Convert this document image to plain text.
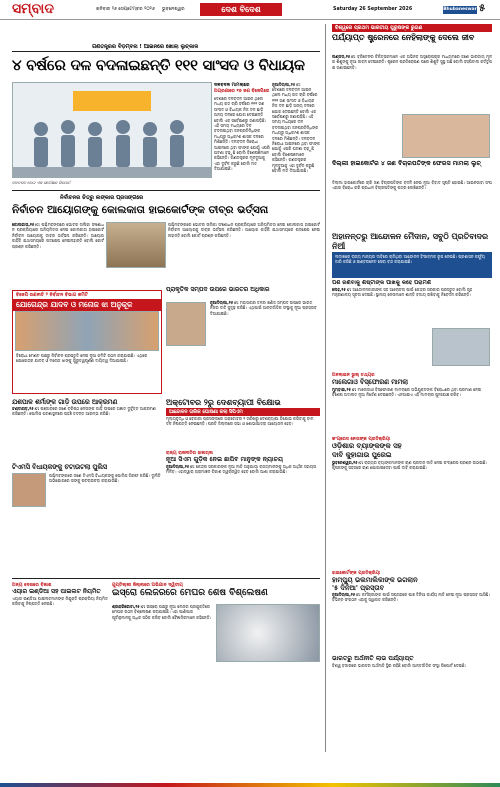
ସମ୍ବାଦ	ଶନିବାର ୨୬ ସେପ୍ଟେମ୍ବର ୨୦୨୬ ଭୁବନେଶ୍ୱର	ଦେଶ ବିଦେଶ	Saturday 26 September 2026	Bhubaneswar ୫
ଗଣତନ୍ତ୍ରର ବିଡ଼ମ୍ବନା ! ଆଇନରେ ଖୋଲା ଲୁଚ୍‌କାଳ
୪ ବର୍ଷରେ ଦଳ ବଦଳାଇଛନ୍ତି ୧୧୧ ସାଂସଦ ଓ ବିଧାୟକ
ଦଳବଦଳ ନେଇ ଏକ ସର୍ବେକ୍ଷଣ ରିପୋର୍ଟ
ଦଳବଦଳ ମାମଲାରେ
ଅଗ୍ରଣୀରେ ୧୭ ଜଣ ବିଜେପିରେ
ଦେଶରେ ଦଳବଦଳ ଆଇନ ଥିଲେ ମଧ୍ୟ ଗତ ଚାରି ବର୍ଷରେ ୧୧୧ ଜଣ ସାଂସଦ ଓ ବିଧାୟକ ନିଜ ଦଳ ଛାଡ଼ି ଅନ୍ୟ ଦଳରେ ଯୋଗ ଦେଇଛନ୍ତି ବୋଲି ଏକ ସର୍ବେକ୍ଷଣରୁ ଜଣାପଡ଼ିଛି। ଏହି ସମୟ ମଧ୍ୟରେ ଦଳ ବଦଳାଇଥିବା ଜନପ୍ରତିନିଧିଙ୍କ ମଧ୍ୟରୁ ଅଧିକାଂଶ ଶାସକ ଦଳରେ ମିଶିଛନ୍ତି। ଦଳବଦଳ ନିରୋଧୀ ଆଇନରେ ଥିବା ଫାଙ୍କ ଯୋଗୁଁ ଏପରି ଘଟଣା ବଢ଼ୁଛି ବୋଲି ବିଶେଷଜ୍ଞମାନେ କହିଛନ୍ତି। ଗଣତନ୍ତ୍ରର ମୂଳଦୁଆକୁ ଏହା ଦୁର୍ବଳ କରୁଛି ବୋଲି ମତ ଦିଆଯାଇଛି।
ନୂଆଦିଲ୍ଲୀ,୨୫।୯:
ଦେଶରେ ଦଳବଦଳ ଆଇନ ଥିଲେ ମଧ୍ୟ ଗତ ଚାରି ବର୍ଷରେ ୧୧୧ ଜଣ ସାଂସଦ ଓ ବିଧାୟକ ନିଜ ଦଳ ଛାଡ଼ି ଅନ୍ୟ ଦଳରେ ଯୋଗ ଦେଇଛନ୍ତି ବୋଲି ଏକ ସର୍ବେକ୍ଷଣରୁ ଜଣାପଡ଼ିଛି। ଏହି ସମୟ ମଧ୍ୟରେ ଦଳ ବଦଳାଇଥିବା ଜନପ୍ରତିନିଧିଙ୍କ ମଧ୍ୟରୁ ଅଧିକାଂଶ ଶାସକ ଦଳରେ ମିଶିଛନ୍ତି। ଦଳବଦଳ ନିରୋଧୀ ଆଇନରେ ଥିବା ଫାଙ୍କ ଯୋଗୁଁ ଏପରି ଘଟଣା ବଢ଼ୁଛି ବୋଲି ବିଶେଷଜ୍ଞମାନେ କହିଛନ୍ତି। ଗଣତନ୍ତ୍ରର ମୂଳଦୁଆକୁ ଏହା ଦୁର୍ବଳ କରୁଛି ବୋଲି ମତ ଦିଆଯାଇଛି।
ବିଶ୍ୱରେ ପ୍ରଥମ ଭାରତୀୟ ପୁରୁଷଙ୍କ ରୁଗଣ
ପର୍ଯ୍ୟାପ୍ତ ଷ୍ଟ୍ରେନରେ ନେହିଲାଙ୍କୁ ଦେଲେ ଜୀବ
ଲଣ୍ଡନ,୨୫।୯: ବ୍ରିଟେନର ଚିକିତ୍ସକମାନେ ଏକ ଅଭିନବ ଅସ୍ତ୍ରୋପଚାର ମାଧ୍ୟମରେ ଜଣେ ଭାରତୀୟ ମୂଳର ଶିଶୁଙ୍କୁ ନୂଆ ଜୀବନ ଦେଇଛନ୍ତି। ଷ୍ଟ୍ରେନ ପ୍ରତିରୋପଣ ପରେ ଶିଶୁଟି ସୁସ୍ଥ ଅଛି ବୋଲି ହସ୍ପିଟାଲ କର୍ତ୍ତୃପକ୍ଷ ଜଣାଇଛନ୍ତି।
ଦିଲ୍ଲୀ ହାଇକୋର୍ଟର ୪ ଜଣ ବିଚାରପତିଙ୍କ ଫେରସ ମାମଲା ଲୁଚ୍‌
ଦିଲ୍ଲୀ ହାଇକୋର୍ଟରେ ଚାରି ଜଣ ବିଚାରପତିଙ୍କ ବଦଳି ନେଇ ନୂଆ ବିବାଦ ସୃଷ୍ଟି ହୋଇଛି। ଆଇନଜୀବୀ ସଂଘ ଏହାର ବିରୋଧ କରି ପ୍ରଧାନ ବିଚାରପତିଙ୍କୁ ପତ୍ର ଲେଖିଛନ୍ତି।
ନିର୍ବାଚନର ଚିତ୍ରୁ ଲଙ୍କାର ପ୍ରସଙ୍ଗରେ
ନିର୍ବାଚନ ଆୟୋଗଙ୍କୁ କୋଲକାତା ହାଇକୋର୍ଟଙ୍କ ତୀବ୍ର ଭର୍ତ୍ସନା
କୋଲକାତା,୨୫।୯: ପଶ୍ଚିମବଙ୍ଗରେ ଭୋଟର ତାଲିକା ସଂଶୋଧନ ପ୍ରକ୍ରିୟାରେ ଅନିୟମିତତା ନେଇ କୋଲକାତା ହାଇକୋର୍ଟ ନିର୍ବାଚନ ଆୟୋଗକୁ ତୀବ୍ର ଭର୍ତ୍ସନା କରିଛନ୍ତି। ଆୟୋଗ କାହିଁକି ଯଥାସମୟରେ ପଦକ୍ଷେପ ନେଇନାହାନ୍ତି ବୋଲି କୋର୍ଟ ପ୍ରଶ୍ନ କରିଛନ୍ତି।
ପଶ୍ଚିମବଙ୍ଗରେ ଭୋଟର ତାଲିକା ସଂଶୋଧନ ପ୍ରକ୍ରିୟାରେ ଅନିୟମିତତା ନେଇ କୋଲକାତା ହାଇକୋର୍ଟ ନିର୍ବାଚନ ଆୟୋଗକୁ ତୀବ୍ର ଭର୍ତ୍ସନା କରିଛନ୍ତି। ଆୟୋଗ କାହିଁକି ଯଥାସମୟରେ ପଦକ୍ଷେପ ନେଇନାହାନ୍ତି ବୋଲି କୋର୍ଟ ପ୍ରଶ୍ନ କରିଛନ୍ତି।
ବିଜେପି ରଣନୀତି ୨ ନିର୍ବାଚନ ବିଭାଗ କମିଟି
ଯୋଗେନ୍ଦ୍ର ଯାଦବ ଓ ମନୋଜ ଝା ଅନୁକୂଳ
ବିରୋଧୀ ମେଣ୍ଟ ପକ୍ଷରୁ ନିର୍ବାଚନ ପ୍ରସ୍ତୁତି ନେଇ ନୂଆ କମିଟି ଗଠନ କରାଯାଇଛି। ଏଥିରେ ଯୋଗେନ୍ଦ୍ର ଯାଦବ ଓ ମନୋଜ ଝାଙ୍କୁ ଗୁରୁତ୍ୱପୂର୍ଣ୍ଣ ଦାୟିତ୍ୱ ଦିଆଯାଇଛି।
ପ୍ରାକୃତିକ ସମ୍ପଦ ଉପରେ ଭାରତର ଅଧିକାର
ନୂଆଦିଲ୍ଲୀ,୨୫।୯: ମହାସାଗର ତଳର ଖଣିଜ ସମ୍ପଦ ଉପରେ ଭାରତ ନିଜର ଦାବି ସୁଦୃଢ଼ କରିଛି। ଏଥିପାଇଁ ଆନ୍ତର୍ଜାତିକ ସଂସ୍ଥାକୁ ନୂଆ ପ୍ରସ୍ତାବ ଦିଆଯାଇଛି।
ଅହାନନ୍ତରୁ ଆନ୍ଦୋଳନ ମୈଦାନ, ସବୁଠି ପ୍ରତିବାଦର ନିଆଁ
ଲଦାଖରେ ରାଜ୍ୟ ମାନ୍ୟତା ଦାବିରେ ଚାଲିଥିବା ଆନ୍ଦୋଳନ ହିଂସାତ୍ମକ ରୂପ ନେଇଛି। ପ୍ରଶାସନ କର୍ଫ୍ୟୁ ଜାରି କରିଛି ଓ ଇଣ୍ଟରନେଟ ସେବା ବନ୍ଦ କରାଯାଇଛି।
ପଶ ରଣିବାକୁ ଶିଷ୍ଟାଙ୍କ ପାଖକୁ କହେ ପରାମର୍ଶ
ଲେହ,୨୫।୯: ଆନ୍ଦୋଳନକାରୀଙ୍କ ସହ ଆଲୋଚନା ପାଇଁ କେନ୍ଦ୍ର ସରକାର ପ୍ରସ୍ତୁତ ବୋଲି ଗୃହ ମନ୍ତ୍ରଣାଳୟ ସୂଚନା ଦେଇଛି। ସ୍ଥାନୀୟ ନେତାମାନେ ଶାନ୍ତି ବଜାୟ ରଖିବାକୁ ନିବେଦନ କରିଛନ୍ତି।
ଅନଲାଇନ ଭୁଲ୍‌ ତଥ୍ୟର
ମାଲେଗାଓ ବିସ୍ଫୋରଣ ମାମଲା
ମୁମ୍ବାଇ,୨୫।୯: ମାଲେଗାଓ ବିସ୍ଫୋରଣ ମାମଲାରେ ଅଭିଯୁକ୍ତଙ୍କ ବିରୋଧରେ ଥିବା ପ୍ରମାଣ ନେଇ ବିଶେଷ ଅଦାଲତ ନୂଆ ନିର୍ଦ୍ଦେଶ ଦେଇଛନ୍ତି। ଏନଆଇଏ ଏହି ମାମଲାର ପୁନଃଯାଞ୍ଚ କରିବ।
ଅକ୍ଟୋବର ୨ରୁ ଦେଶବ୍ୟାପୀ ବିକ୍ଷୋଭ
ଆନ୍ଦୋଳନ ତାଲିକ ଘୋଷଣା କଲା ସିପିଏମ
ମୂଲ୍ୟବୃଦ୍ଧି ଓ ବେକାରୀ ପ୍ରସଙ୍ଗରେ ଅକ୍ଟୋବର ୨ ତାରିଖରୁ ଦେଶବ୍ୟାପୀ ବିକ୍ଷୋଭ କରିବାକୁ ବାମ ଦଳ ନିଷ୍ପତ୍ତି ନେଇଛନ୍ତି। ପ୍ରତି ଜିଲ୍ଲାରେ ସଭା ଓ ଶୋଭାଯାତ୍ରା ଆୟୋଜନ ହେବ।
ଯଶପାଳ ଶର୍ମାଙ୍କ ଗାଡ଼ି ଉପରେ ଆକ୍ରମଣ
ଚଣ୍ଡୀଗଡ଼,୨୫।୯: ପଞ୍ଜାବରେ ଜଣେ ବରିଷ୍ଠ ନେତାଙ୍କ ଗାଡ଼ି ଉପରେ ଅଜ୍ଞାତ ଦୁର୍ବୃତ୍ତ ଆକ୍ରମଣ କରିଛନ୍ତି। ପୋଲିସ ଘଟଣାସ୍ଥଳରେ ପହଞ୍ଚି ତଦନ୍ତ ଆରମ୍ଭ କରିଛି।
ଟିଏମସି ବିଧାୟକଙ୍କୁ ଚଟାଉଟଲା ପୁଲିସ
ପଶ୍ଚିମବଙ୍ଗରେ ଜଣେ ଟିଏମସି ବିଧାୟକଙ୍କୁ ପୋଲିସ ଗିରଫ କରିଛି। ଦୁର୍ନୀତି ଅଭିଯୋଗରେ ତାଙ୍କୁ ପଚରାଉଚରା କରାଯାଉଛି।
ରାଜ୍ୟ ରାଜନୀତିର ହାଲଚାଲ
ନୂଆ ସିଏମ ଗୁଡ଼ିକ ନେଇ ଛାପିବ ମାନୁଙ୍କ ନ୍ୟାଚୟ
ନୂଆଦିଲ୍ଲୀ,୨୫।୯: କେନ୍ଦ୍ର ସରକାରଙ୍କ ନୂଆ ନୀତି ଅନୁଯାୟୀ ରାଜ୍ୟମାନଙ୍କୁ ଅଧିକ ଆର୍ଥିକ ସହାୟତା ମିଳିବ। ଏହାଦ୍ୱାରା ଗ୍ରାମାଞ୍ଚଳ ବିକାଶ ତ୍ୱରାନ୍ୱିତ ହେବ ବୋଲି ଆଶା କରାଯାଉଛି।
କଂଗ୍ରେସ ନେତାଙ୍କ ପ୍ରତିକ୍ରିୟା
ଓଡ଼ିଶାର ବ୍ୟାଙ୍କଙ୍କ ସହ
ଦାବି କୁହାଗାଉ ପୁରେଇ
ଭୁବନେଶ୍ୱର,୨୫।୯: ରାଜ୍ୟର ବ୍ୟାଙ୍କମାନଙ୍କ ଋଣ ପ୍ରଦାନ ନୀତି ନେଇ କଂଗ୍ରେସ ପ୍ରଶ୍ନ ଉଠାଇଛି। କୃଷକଙ୍କୁ ସହଜରେ ଋଣ ଯୋଗାଇଦେବା ପାଇଁ ଦାବି କରାଯାଇଛି।
ହାଇକୋର୍ଟଙ୍କ ପ୍ରତିକ୍ରିୟା
ହାମ୍ପ୍ୟୁ ଭଲମାଲିକାଙ୍କ ଭଗଲାନ
'୫ ଦିନିଆ' ପ୍ରସ୍ତାବ
ନୂଆଦିଲ୍ଲୀ,୨୫।୯: କର୍ମଚାରୀଙ୍କ ପାଇଁ ସପ୍ତାହରେ ପାଞ୍ଚ ଦିନିଆ କାର୍ଯ୍ୟ ନୀତି ନେଇ ନୂଆ ପ୍ରସ୍ତାବ ଆସିଛି। ବିଭିନ୍ନ ସଂଗଠନ ଏହାକୁ ସ୍ୱାଗତ କରିଛନ୍ତି।
ଭାରତରୁ ଅର୍ଥନୀତି ଲାଭ ପର୍ଯ୍ୟାପ୍ତ
ବିଶ୍ୱ ବଜାରରେ ଭାରତର ଅର୍ଥନୀତି ସ୍ଥିର ରହିଛି ବୋଲି ଆନ୍ତର୍ଜାତିକ ସଂସ୍ଥା ରିପୋର୍ଟ ଦେଇଛି।
ଅନ୍ୟ ଦେଶରେ ବିକାଶ
ଏୟାର ଇଣ୍ଡିଆ ସହ ପାଇଲଟ ନିୟମିତ
ଏୟାର ଇଣ୍ଡିଆ ପାଇଲଟମାନଙ୍କ ନିଯୁକ୍ତି ପ୍ରକ୍ରିୟା ନିୟମିତ କରିବାକୁ ନିଷ୍ପତ୍ତି ନେଇଛି।
ଗୁପ୍ତିଲ୍ଲୀ ଜିଲ୍ଲାରେ ଅଭିଯାନ ଦ୍ୱିତୀୟ
ଇସ୍ରୋ ଲେଜରରେ ମେଘର ଶେଷ ବିଶ୍ଲେଷଣ
ଶ୍ରୀହରିକୋଟା,୨୫।୯: ଇସ୍ରୋ ପକ୍ଷରୁ ନୂଆ ଲେଜର ପ୍ରଯୁକ୍ତିରେ ମେଘର ଗଠନ ବିଶ୍ଲେଷଣ କରାଯାଇଛି। ଏହା ପାଣିପାଗ ପୂର୍ବାନୁମାନକୁ ଅଧିକ ସଠିକ କରିବ ବୋଲି ବୈଜ୍ଞାନିକମାନେ କହିଛନ୍ତି।
